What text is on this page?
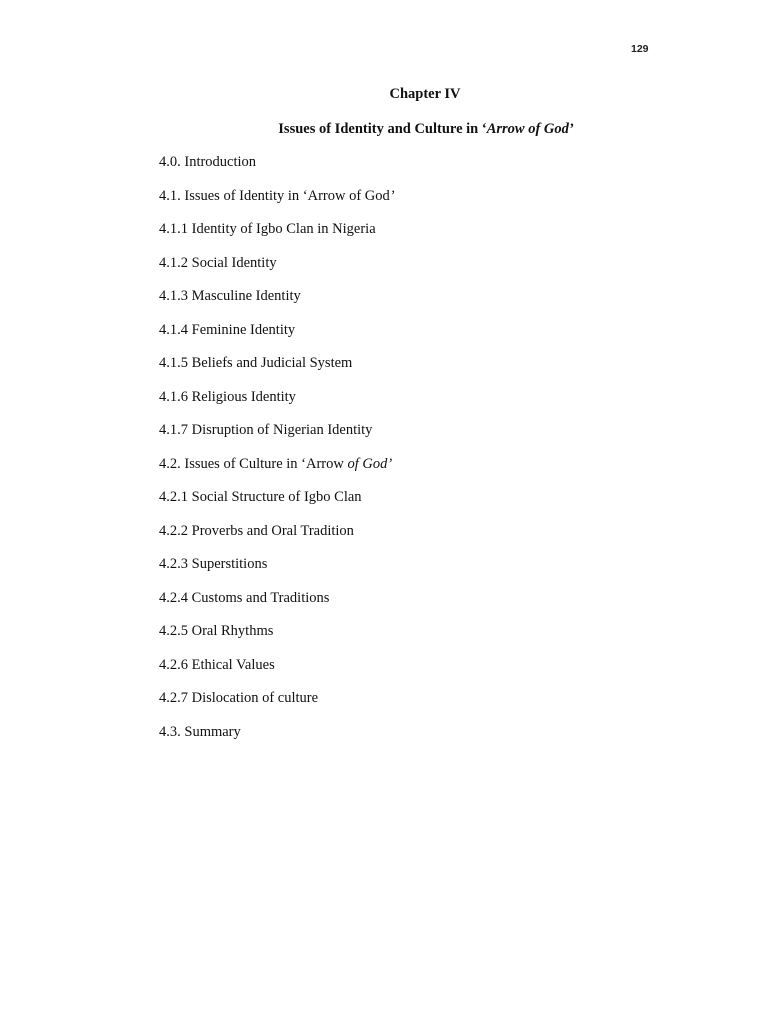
129
Chapter IV
Issues of Identity and Culture in ‘Arrow of God’
4.0. Introduction
4.1. Issues of Identity in ‘Arrow of God’
4.1.1 Identity of Igbo Clan in Nigeria
4.1.2 Social Identity
4.1.3 Masculine Identity
4.1.4 Feminine Identity
4.1.5 Beliefs and Judicial System
4.1.6 Religious Identity
4.1.7 Disruption of Nigerian Identity
4.2. Issues of Culture in ‘Arrow of God’
4.2.1 Social Structure of Igbo Clan
4.2.2 Proverbs and Oral Tradition
4.2.3 Superstitions
4.2.4 Customs and Traditions
4.2.5 Oral Rhythms
4.2.6 Ethical Values
4.2.7 Dislocation of culture
4.3. Summary
